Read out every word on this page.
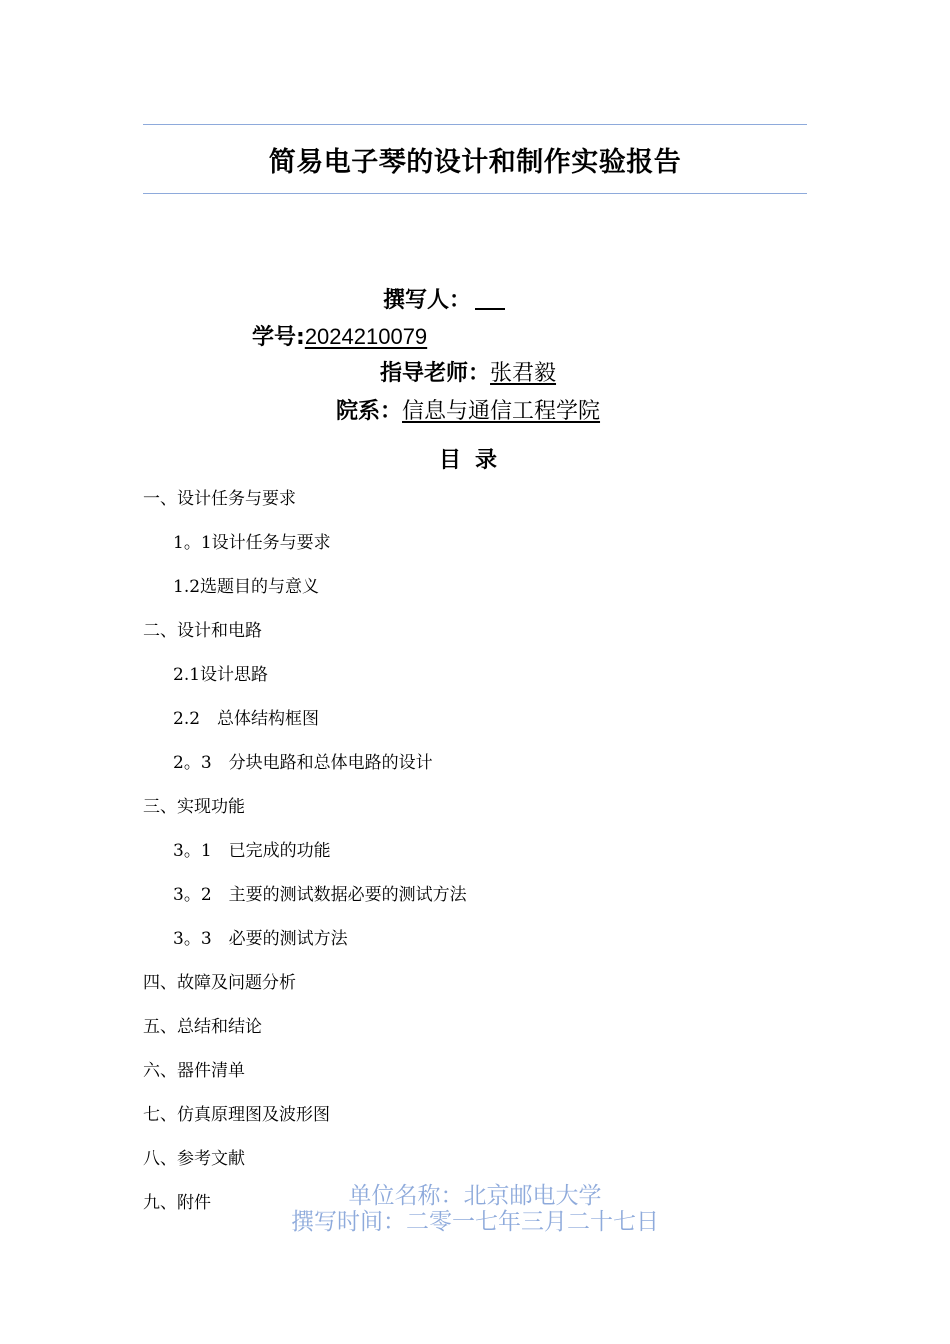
简易电子琴的设计和制作实验报告
撰写人：
学号:2024210079
指导老师：张君毅
院系：信息与通信工程学院
目录
一、设计任务与要求
1。1设计任务与要求
1.2选题目的与意义
二、设计和电路
2.1设计思路
2.2　总体结构框图
2。3　分块电路和总体电路的设计
三、实现功能
3。1　已完成的功能
3。2　主要的测试数据必要的测试方法
3。3　必要的测试方法
四、故障及问题分析
五、总结和结论
六、器件清单
七、仿真原理图及波形图
八、参考文献
九、附件	单位名称：北京邮电大学
撰写时间：二零一七年三月二十七日
